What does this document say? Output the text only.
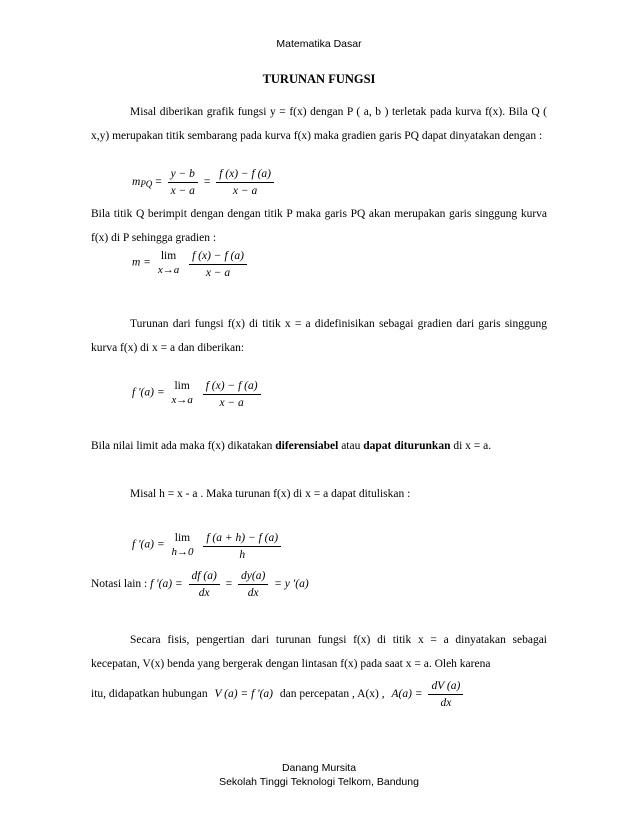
Matematika Dasar
TURUNAN FUNGSI
Misal diberikan grafik fungsi y = f(x) dengan P ( a, b ) terletak pada kurva f(x). Bila Q ( x,y) merupakan titik sembarang pada kurva f(x) maka gradien garis PQ dapat dinyatakan dengan :
mPQ = $\frac{y - b}{x - a} = \frac{f (x) - f (a)}{x - a}$
Bila titik Q berimpit dengan dengan titik P maka garis PQ akan merupakan garis singgung kurva f(x) di P sehingga gradien :
m = lim
x→a
$\frac{f (x) - f (a)}{x - a}$
Turunan dari fungsi f(x) di titik x = a didefinisikan sebagai gradien dari garis singgung kurva f(x) di x = a dan diberikan:
f '(a) = lim
x→a
$\frac{f (x) - f (a)}{x - a}$
Bila nilai limit ada maka f(x) dikatakan diferensiabel atau dapat diturunkan di x = a.
Misal h = x - a . Maka turunan f(x) di x = a dapat dituliskan :
f '(a) = lim
h→0
$\frac{f (a + h) - f (a)}{h}$
Notasi lain : f '$(a) = \frac{df (a)}{dx} = \frac{dy(a)}{dx} = y$ '(a)
Secara fisis, pengertian dari turunan fungsi f(x) di titik x = a dinyatakan sebagai kecepatan, V(x) benda yang bergerak dengan lintasan f(x) pada saat x = a. Oleh karena
itu, didapatkan hubungan V (a) = f '(a) dan percepatan , A(x) , $A(a) = \frac{dV (a)}{dx}$
Danang Mursita
Sekolah Tinggi Teknologi Telkom, Bandung
